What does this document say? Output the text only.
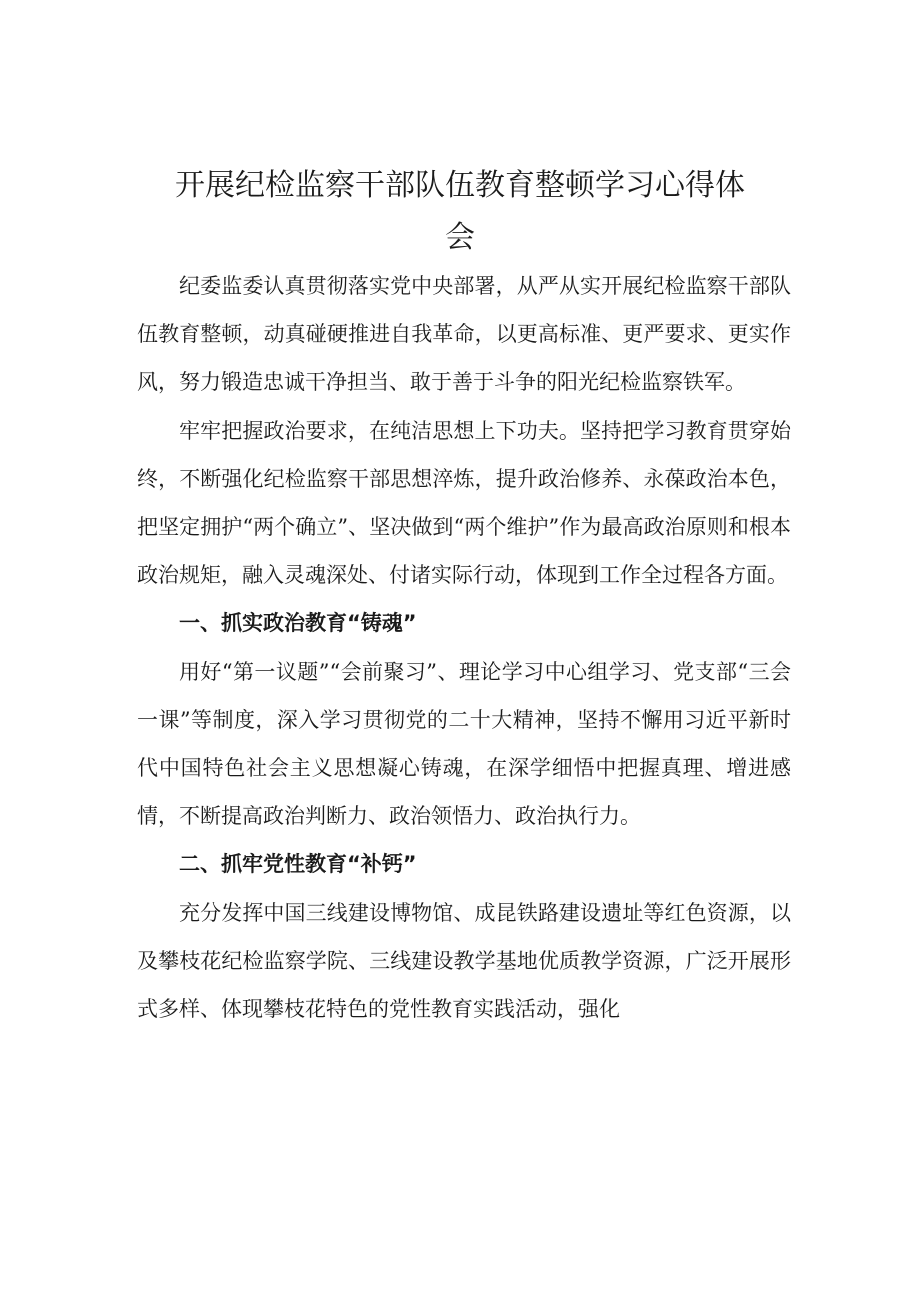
开展纪检监察干部队伍教育整顿学习心得体
会

纪委监委认真贯彻落实党中央部署，从严从实开展纪检监察干部队伍教育整顿，动真碰硬推进自我革命，以更高标准、更严要求、更实作风，努力锻造忠诚干净担当、敢于善于斗争的阳光纪检监察铁军。

牢牢把握政治要求，在纯洁思想上下功夫。坚持把学习教育贯穿始终，不断强化纪检监察干部思想淬炼，提升政治修养、永葆政治本色，把坚定拥护“两个确立”、坚决做到“两个维护”作为最高政治原则和根本政治规矩，融入灵魂深处、付诸实际行动，体现到工作全过程各方面。

一、抓实政治教育“铸魂”

用好“第一议题”“会前聚习”、理论学习中心组学习、党支部“三会一课”等制度，深入学习贯彻党的二十大精神，坚持不懈用习近平新时代中国特色社会主义思想凝心铸魂，在深学细悟中把握真理、增进感情，不断提高政治判断力、政治领悟力、政治执行力。

二、抓牢党性教育“补钙”

充分发挥中国三线建设博物馆、成昆铁路建设遗址等红色资源，以及攀枝花纪检监察学院、三线建设教学基地优质教学资源，广泛开展形式多样、体现攀枝花特色的党性教育实践活动，强化
